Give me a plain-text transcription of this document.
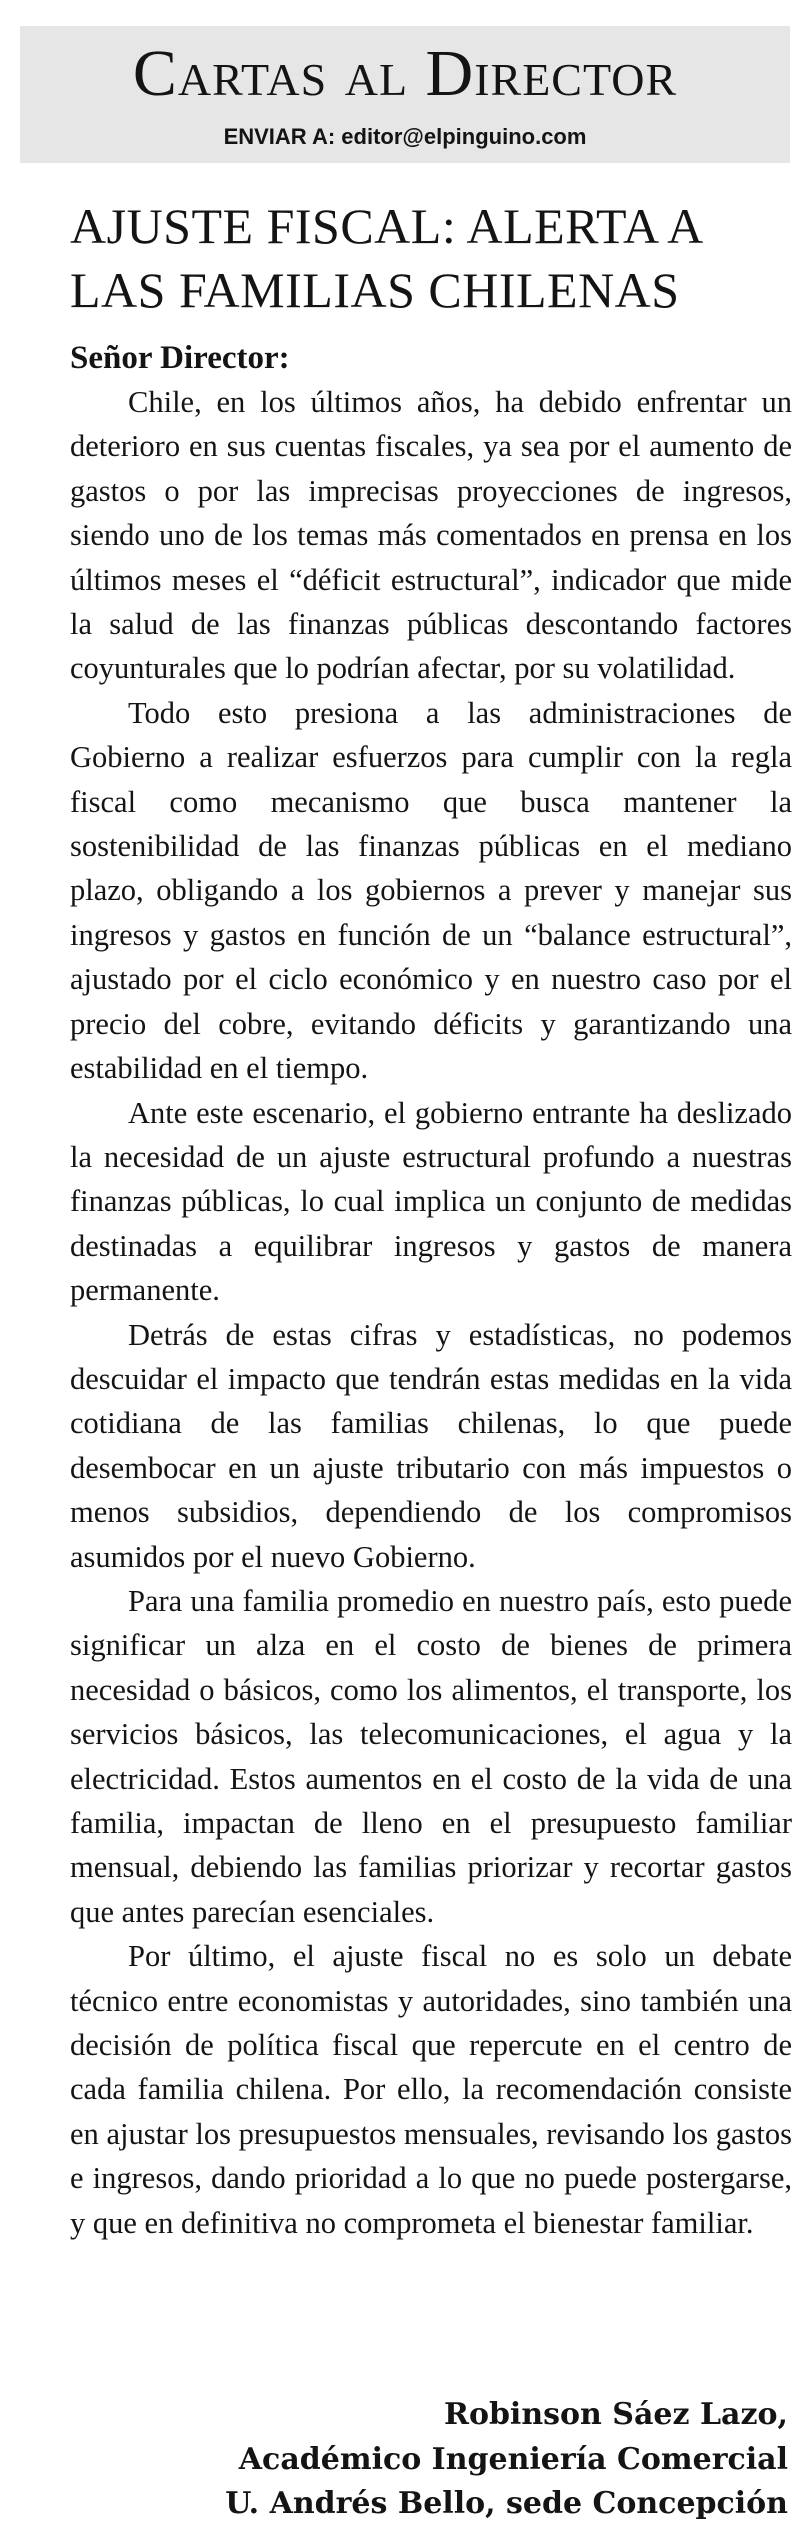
Cartas al Director
ENVIAR A: editor@elpinguino.com
AJUSTE FISCAL: ALERTA A LAS FAMILIAS CHILENAS
Señor Director:

Chile, en los últimos años, ha debido enfrentar un deterioro en sus cuentas fiscales, ya sea por el aumento de gastos o por las imprecisas proyecciones de ingresos, siendo uno de los temas más comentados en prensa en los últimos meses el “déficit estructural”, indicador que mide la salud de las finanzas públicas descontando factores coyunturales que lo podrían afectar, por su volatilidad.

Todo esto presiona a las administraciones de Gobierno a realizar esfuerzos para cumplir con la regla fiscal como mecanismo que busca mantener la sostenibilidad de las finanzas públicas en el mediano plazo, obligando a los gobiernos a prever y manejar sus ingresos y gastos en función de un “balance estructural”, ajustado por el ciclo económico y en nuestro caso por el precio del cobre, evitando déficits y garantizando una estabilidad en el tiempo.

Ante este escenario, el gobierno entrante ha deslizado la necesidad de un ajuste estructural profundo a nuestras finanzas públicas, lo cual implica un conjunto de medidas destinadas a equilibrar ingresos y gastos de manera permanente.

Detrás de estas cifras y estadísticas, no podemos descuidar el impacto que tendrán estas medidas en la vida cotidiana de las familias chilenas, lo que puede desembocar en un ajuste tributario con más impuestos o menos subsidios, dependiendo de los compromisos asumidos por el nuevo Gobierno.

Para una familia promedio en nuestro país, esto puede significar un alza en el costo de bienes de primera necesidad o básicos, como los alimentos, el transporte, los servicios básicos, las telecomunicaciones, el agua y la electricidad. Estos aumentos en el costo de la vida de una familia, impactan de lleno en el presupuesto familiar mensual, debiendo las familias priorizar y recortar gastos que antes parecían esenciales.

Por último, el ajuste fiscal no es solo un debate técnico entre economistas y autoridades, sino también una decisión de política fiscal que repercute en el centro de cada familia chilena. Por ello, la recomendación consiste en ajustar los presupuestos mensuales, revisando los gastos e ingresos, dando prioridad a lo que no puede postergarse, y que en definitiva no comprometa el bienestar familiar.

Robinson Sáez Lazo,
Académico Ingeniería Comercial
U. Andrés Bello, sede Concepción
